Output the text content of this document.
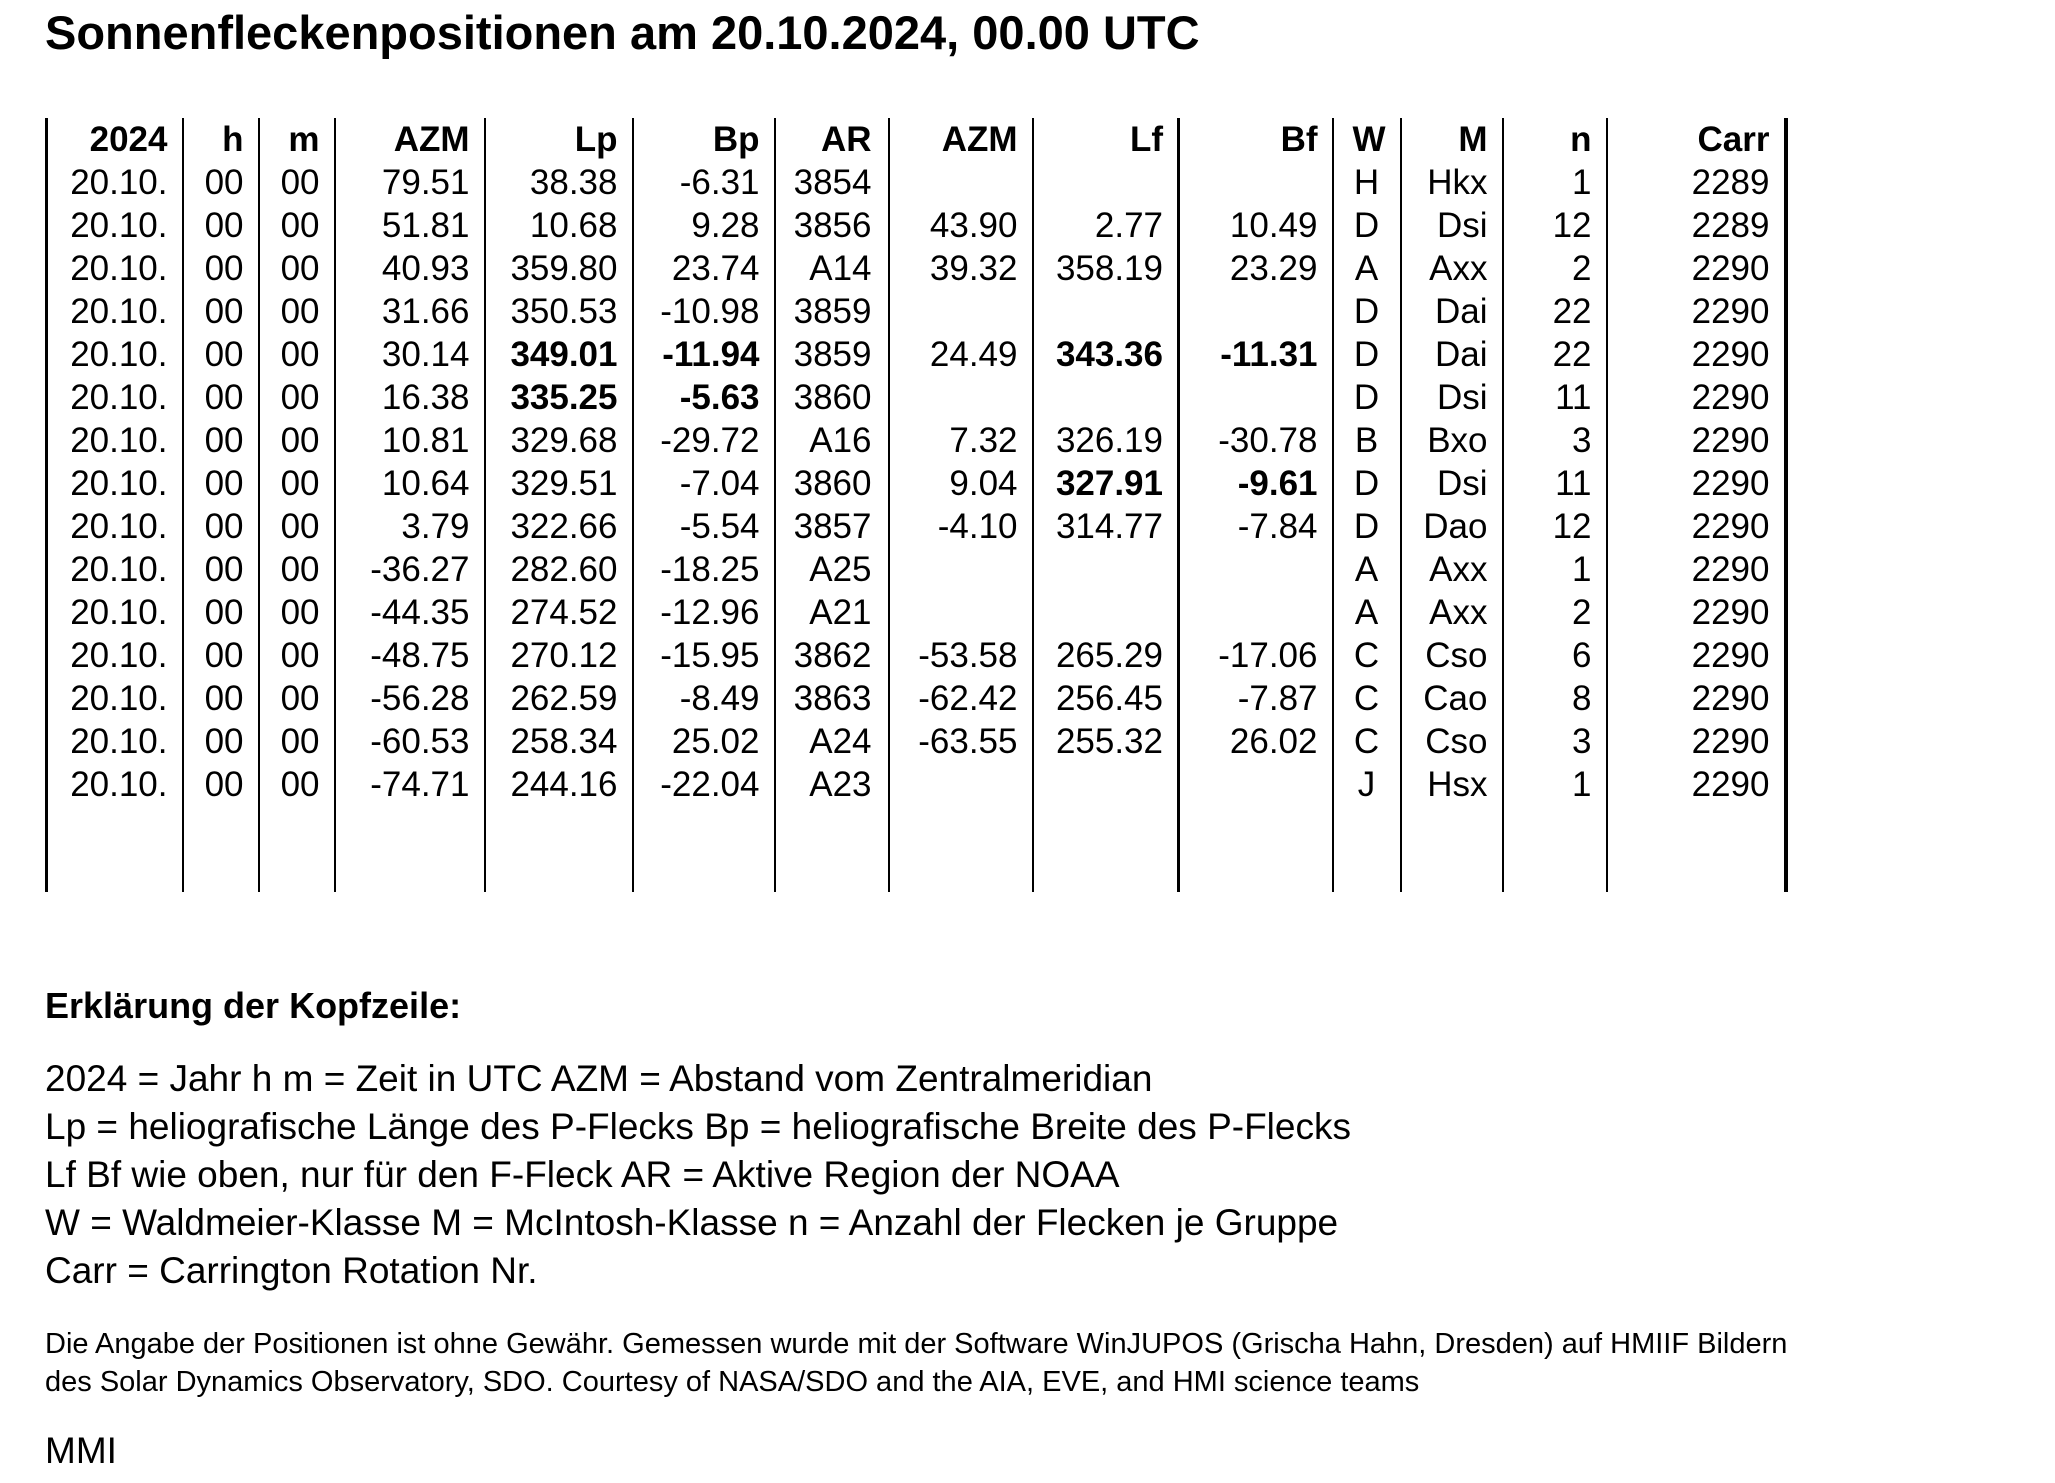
Sonnenfleckenpositionen am 20.10.2024, 00.00 UTC
2024	h	m	AZM	Lp	Bp	AR	AZM	Lf	Bf	W	M	n	Carr
20.10.	00	00	79.51	38.38	-6.31	3854				H	Hkx	1	2289
20.10.	00	00	51.81	10.68	9.28	3856	43.90	2.77	10.49	D	Dsi	12	2289

20.10.	00	00	40.93	359.80	23.74	A14	39.32	358.19	23.29	A	Axx	2	2290
20.10.	00	00	31.66	350.53	-10.98	3859				D	Dai	22	2290
20.10.	00	00	30.14	349.01	-11.94	3859	24.49	343.36	-11.31	D	Dai	22	2290
20.10.	00	00	16.38	335.25	-5.63	3860				D	Dsi	11	2290
20.10.	00	00	10.81	329.68	-29.72	A16	7.32	326.19	-30.78	B	Bxo	3	2290
20.10.	00	00	10.64	329.51	-7.04	3860	9.04	327.91	-9.61	D	Dsi	11	2290
20.10.	00	00	3.79	322.66	-5.54	3857	-4.10	314.77	-7.84	D	Dao	12	2290
20.10.	00	00	-36.27	282.60	-18.25	A25				A	Axx	1	2290
20.10.	00	00	-44.35	274.52	-12.96	A21				A	Axx	2	2290
20.10.	00	00	-48.75	270.12	-15.95	3862	-53.58	265.29	-17.06	C	Cso	6	2290
20.10.	00	00	-56.28	262.59	-8.49	3863	-62.42	256.45	-7.87	C	Cao	8	2290
20.10.	00	00	-60.53	258.34	25.02	A24	-63.55	255.32	26.02	C	Cso	3	2290
20.10.	00	00	-74.71	244.16	-22.04	A23				J	Hsx	1	2290

Erklärung der Kopfzeile:
2024 = Jahr h m = Zeit in UTC AZM = Abstand vom Zentralmeridian
Lp = heliografische Länge des P-Flecks Bp = heliografische Breite des P-Flecks
Lf Bf wie oben, nur für den F-Fleck AR = Aktive Region der NOAA
W = Waldmeier-Klasse M = McIntosh-Klasse n = Anzahl der Flecken je Gruppe
Carr = Carrington Rotation Nr.
Die Angabe der Positionen ist ohne Gewähr. Gemessen wurde mit der Software WinJUPOS (Grischa Hahn, Dresden) auf HMIIF Bildern
des Solar Dynamics Observatory, SDO. Courtesy of NASA/SDO and the AIA, EVE, and HMI science teams
MMI
